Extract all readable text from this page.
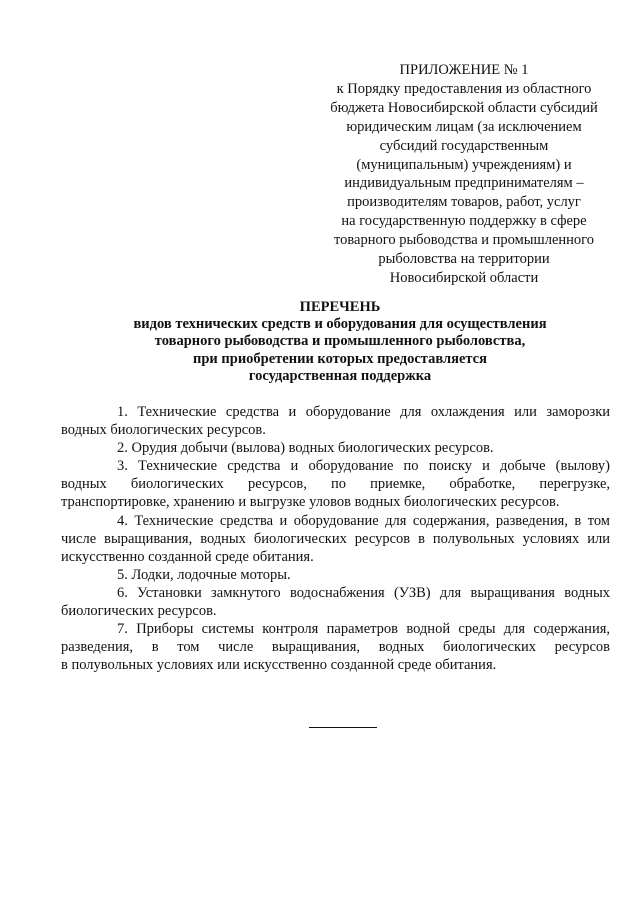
ПРИЛОЖЕНИЕ № 1
к Порядку предоставления из областного
бюджета Новосибирской области субсидий
юридическим лицам (за исключением
субсидий государственным
(муниципальным) учреждениям) и
индивидуальным предпринимателям –
производителям товаров, работ, услуг
на государственную поддержку в сфере
товарного рыбоводства и промышленного
рыболовства на территории
Новосибирской области
ПЕРЕЧЕНЬ
видов технических средств и оборудования для осуществления
товарного рыбоводства и промышленного рыболовства,
при приобретении которых предоставляется
государственная поддержка
1. Технические средства и оборудование для охлаждения или заморозки
водных биологических ресурсов.
2. Орудия добычи (вылова) водных биологических ресурсов.
3. Технические средства и оборудование по поиску и добыче (вылову)
водных биологических ресурсов, по приемке, обработке, перегрузке,
транспортировке, хранению и выгрузке уловов водных биологических ресурсов.
4. Технические средства и оборудование для содержания, разведения, в том
числе выращивания, водных биологических ресурсов в полувольных условиях или
искусственно созданной среде обитания.
5. Лодки, лодочные моторы.
6. Установки замкнутого водоснабжения (УЗВ) для выращивания водных
биологических ресурсов.
7. Приборы системы контроля параметров водной среды для содержания,
разведения, в том числе выращивания, водных биологических ресурсов
в полувольных условиях или искусственно созданной среде обитания.
